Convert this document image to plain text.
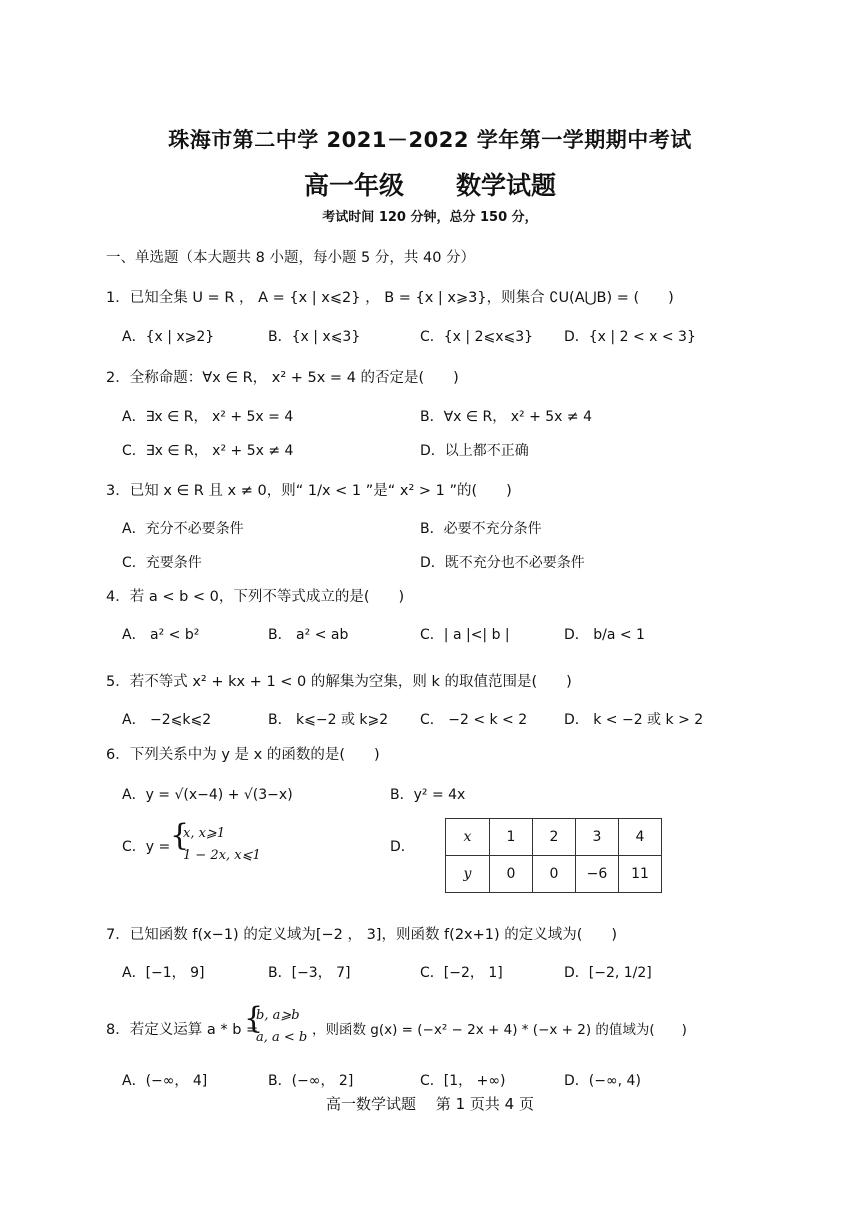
珠海市第二中学 2021－2022 学年第一学期期中考试
高一年级 数学试题
考试时间 120 分钟，总分 150 分，
一、单选题（本大题共 8 小题，每小题 5 分，共 40 分）
1．已知全集 U = R ， A = {x | x⩽2} ， B = {x | x⩾3}，则集合 ∁U(A⋃B) = (　　)
A．{x | x⩾2}	B．{x | x⩽3}	C．{x | 2⩽x⩽3} D．{x | 2 < x < 3}
2．全称命题：∀x ∈ R， x² + 5x = 4 的否定是(　　)
A．∃x ∈ R， x² + 5x = 4	B．∀x ∈ R， x² + 5x ≠ 4
C．∃x ∈ R， x² + 5x ≠ 4	D．以上都不正确
3．已知 x ∈ R 且 x ≠ 0，则“ 1/x < 1 ”是“ x² > 1 ”的(　　)
A．充分不必要条件	B．必要不充分条件
C．充要条件	D．既不充分也不必要条件
4．若 a < b < 0，下列不等式成立的是(　　)
A． a² < b²	B． a² < ab	C．| a |<| b |	D． b/a < 1
5．若不等式 x² + kx + 1 < 0 的解集为空集，则 k 的取值范围是(　　)
A． −2⩽k⩽2	B． k⩽−2 或 k⩾2 C． −2 < k < 2	D． k < −2 或 k > 2
6．下列关系中为 y 是 x 的函数的是(　　)
A．y = √(x−4) + √(3−x)	B．y² = 4x
C．y = {
x, x⩾1
1 − 2x, x⩽1
D．
x	1	2	3	4
y	0	0	−6	11
7．已知函数 f(x−1) 的定义域为[−2 ， 3]，则函数 f(2x+1) 的定义域为(　　)
A．[−1， 9]	B．[−3， 7]	C．[−2， 1]	D．[−2, 1/2]
8．若定义运算 a * b =
{
b, a⩾b
a, a < b ，则函数 g(x) = (−x² − 2x + 4) * (−x + 2) 的值域为(　　)
A．(−∞， 4]	B．(−∞， 2]	C．[1， +∞)	D．(−∞, 4)
高一数学试题　 第 1 页共 4 页
